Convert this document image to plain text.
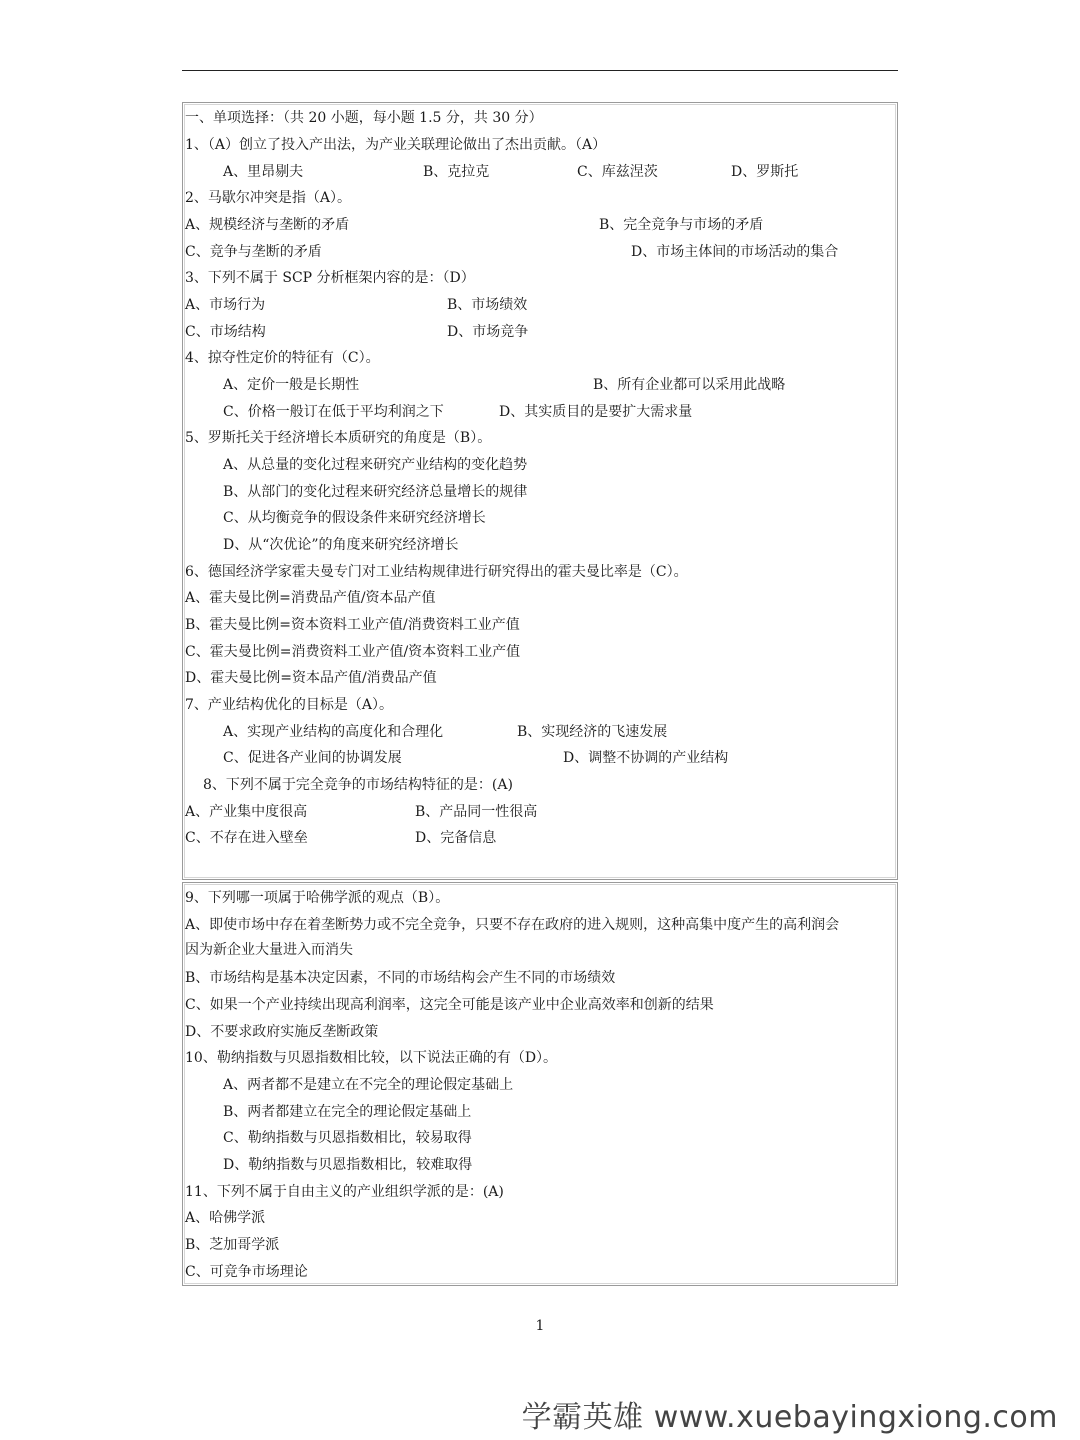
一、单项选择：（共 20 小题，每小题 1.5 分，共 30 分）
1、（A）创立了投入产出法，为产业关联理论做出了杰出贡献。（A）
A、里昂剔夫	B、克拉克	C、库兹涅茨	D、罗斯托
2、马歇尔冲突是指（A）。
A、规模经济与垄断的矛盾	B、完全竞争与市场的矛盾
C、竞争与垄断的矛盾	D、市场主体间的市场活动的集合
3、下列不属于 SCP 分析框架内容的是：（D）
A、市场行为	B、市场绩效
C、市场结构	D、市场竞争
4、掠夺性定价的特征有（C）。
A、定价一般是长期性	B、所有企业都可以采用此战略
C、价格一般订在低于平均利润之下	D、其实质目的是要扩大需求量
5、罗斯托关于经济增长本质研究的角度是（B）。
A、从总量的变化过程来研究产业结构的变化趋势
B、从部门的变化过程来研究经济总量增长的规律
C、从均衡竞争的假设条件来研究经济增长
D、从“次优论”的角度来研究经济增长
6、德国经济学家霍夫曼专门对工业结构规律进行研究得出的霍夫曼比率是（C）。
A、霍夫曼比例=消费品产值/资本品产值
B、霍夫曼比例=资本资料工业产值/消费资料工业产值
C、霍夫曼比例=消费资料工业产值/资本资料工业产值
D、霍夫曼比例=资本品产值/消费品产值
7、产业结构优化的目标是（A）。
A、实现产业结构的高度化和合理化	B、实现经济的飞速发展
C、促进各产业间的协调发展	D、调整不协调的产业结构
8、下列不属于完全竞争的市场结构特征的是：(A)
A、产业集中度很高	B、产品同一性很高
C、不存在进入壁垒	D、完备信息
9、下列哪一项属于哈佛学派的观点（B）。
A、即使市场中存在着垄断势力或不完全竞争，只要不存在政府的进入规则，这种高集中度产生的高利润会
因为新企业大量进入而消失
B、市场结构是基本决定因素，不同的市场结构会产生不同的市场绩效
C、如果一个产业持续出现高利润率，这完全可能是该产业中企业高效率和创新的结果
D、不要求政府实施反垄断政策
10、勒纳指数与贝恩指数相比较，以下说法正确的有（D）。
A、两者都不是建立在不完全的理论假定基础上
B、两者都建立在完全的理论假定基础上
C、勒纳指数与贝恩指数相比，较易取得
D、勒纳指数与贝恩指数相比，较难取得
11、下列不属于自由主义的产业组织学派的是：(A)
A、哈佛学派
B、芝加哥学派
C、可竞争市场理论
1
学霸英雄 www.xuebayingxiong.com
